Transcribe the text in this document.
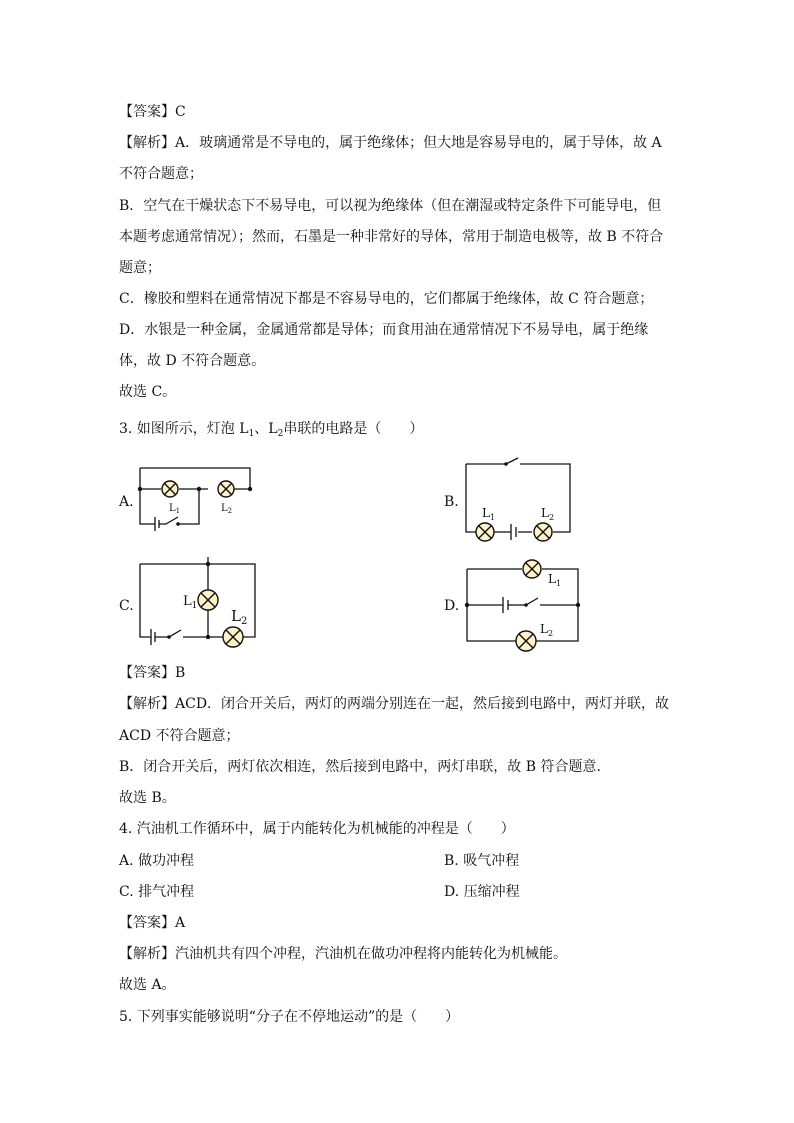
【答案】C
【解析】A．玻璃通常是不导电的，属于绝缘体；但大地是容易导电的，属于导体，故 A
不符合题意；
B．空气在干燥状态下不易导电，可以视为绝缘体（但在潮湿或特定条件下可能导电，但
本题考虑通常情况）；然而，石墨是一种非常好的导体，常用于制造电极等，故 B 不符合
题意；
C．橡胶和塑料在通常情况下都是不容易导电的，它们都属于绝缘体，故 C 符合题意；
D．水银是一种金属，金属通常都是导体；而食用油在通常情况下不易导电，属于绝缘
体，故 D 不符合题意。
故选 C。
3. 如图所示，灯泡 $L_1$、$L_2$串联的电路是（　　）
A.	B.
C.	D.
$L_1$	$L_2$	$L_1$	$L_2$
$L_1$
$L_2$
$L_1$
$L_2$
【答案】B
【解析】ACD．闭合开关后，两灯的两端分别连在一起，然后接到电路中，两灯并联，故
ACD 不符合题意；
B．闭合开关后，两灯依次相连，然后接到电路中，两灯串联，故 B 符合题意.
故选 B。
4. 汽油机工作循环中，属于内能转化为机械能的冲程是（　　）
A. 做功冲程	B. 吸气冲程
C. 排气冲程	D. 压缩冲程
【答案】A
【解析】汽油机共有四个冲程，汽油机在做功冲程将内能转化为机械能。
故选 A。
5. 下列事实能够说明“分子在不停地运动”的是（　　）
